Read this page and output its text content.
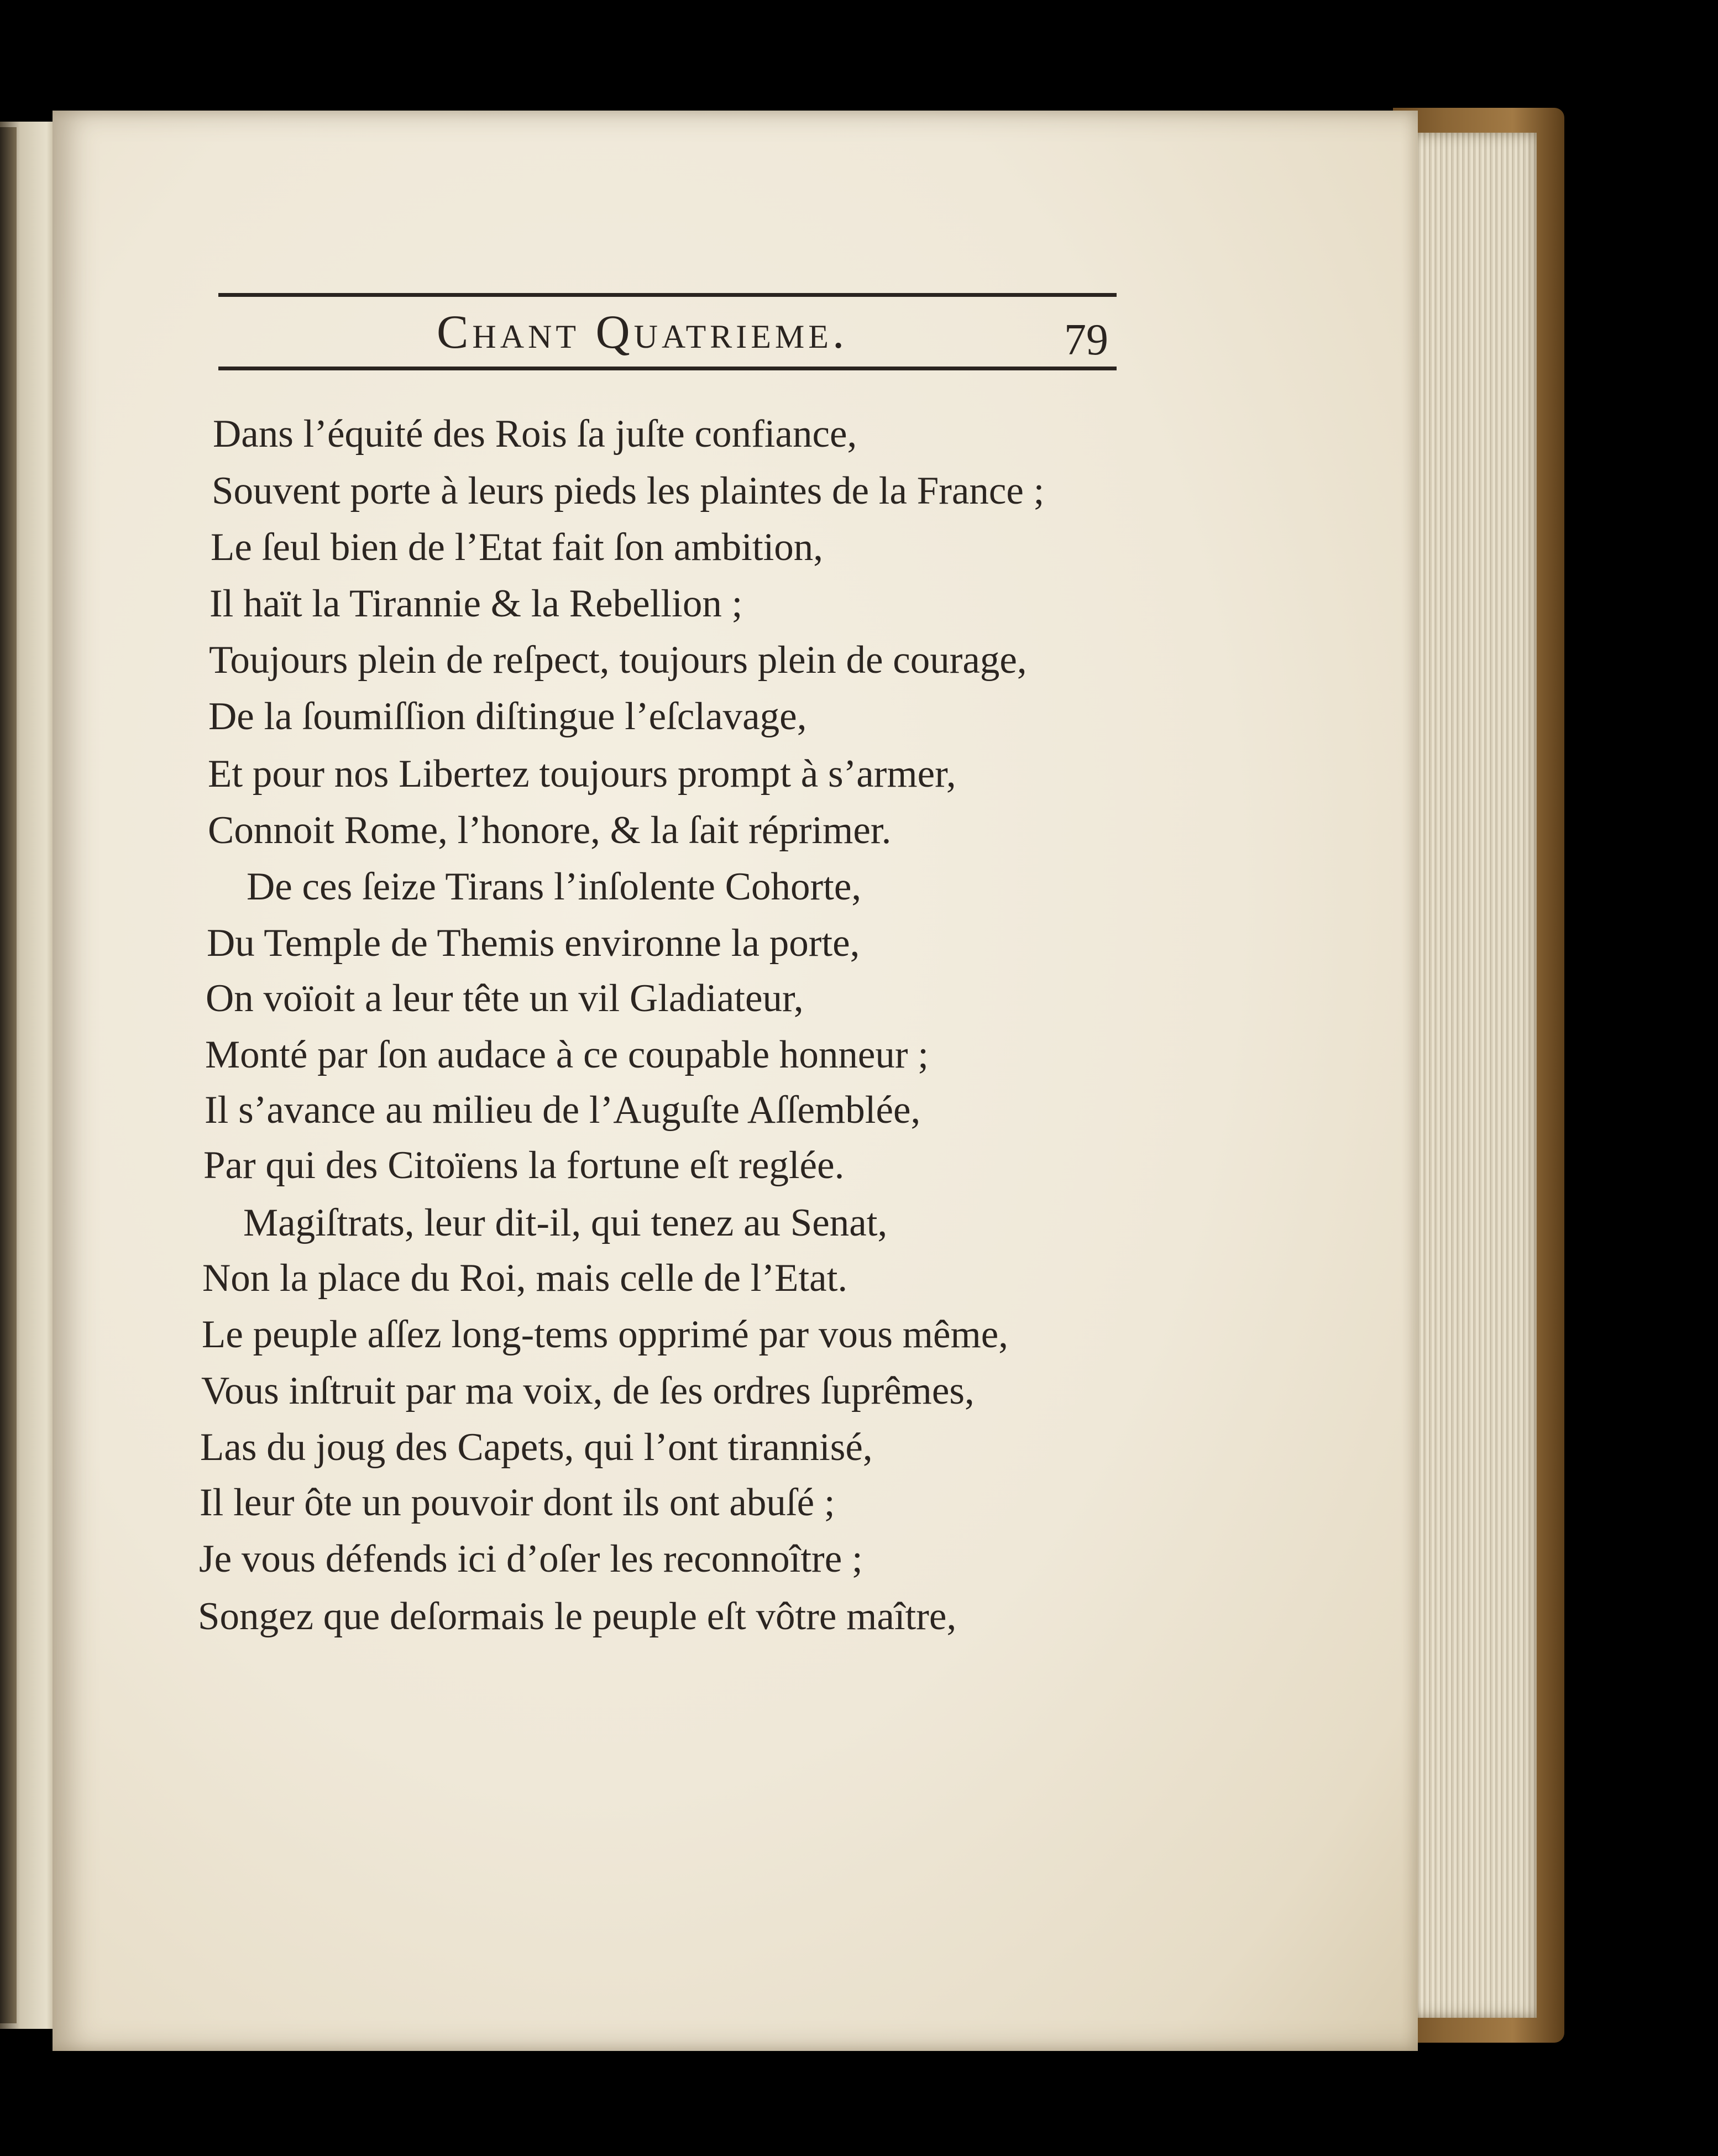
Chant Quatrieme.	79
Dans l’équité des Rois ſa juſte confiance,
Souvent porte à leurs pieds les plaintes de la France ;
Le ſeul bien de l’Etat fait ſon ambition,
Il haït la Tirannie & la Rebellion ;
Toujours plein de reſpect, toujours plein de courage,
De la ſoumiſſion diſtingue l’eſclavage,
Et pour nos Libertez toujours prompt à s’armer,
Connoit Rome, l’honore, & la ſait réprimer.
De ces ſeize Tirans l’inſolente Cohorte,
Du Temple de Themis environne la porte,
On voïoit a leur tête un vil Gladiateur,
Monté par ſon audace à ce coupable honneur ;
Il s’avance au milieu de l’Auguſte Aſſemblée,
Par qui des Citoïens la fortune eſt reglée.
Magiſtrats, leur dit-il, qui tenez au Senat,
Non la place du Roi, mais celle de l’Etat.
Le peuple aſſez long-tems opprimé par vous même,
Vous inſtruit par ma voix, de ſes ordres ſuprêmes,
Las du joug des Capets, qui l’ont tirannisé,
Il leur ôte un pouvoir dont ils ont abuſé ;
Je vous défends ici d’oſer les reconnoître ;
Songez que deſormais le peuple eſt vôtre maître,
